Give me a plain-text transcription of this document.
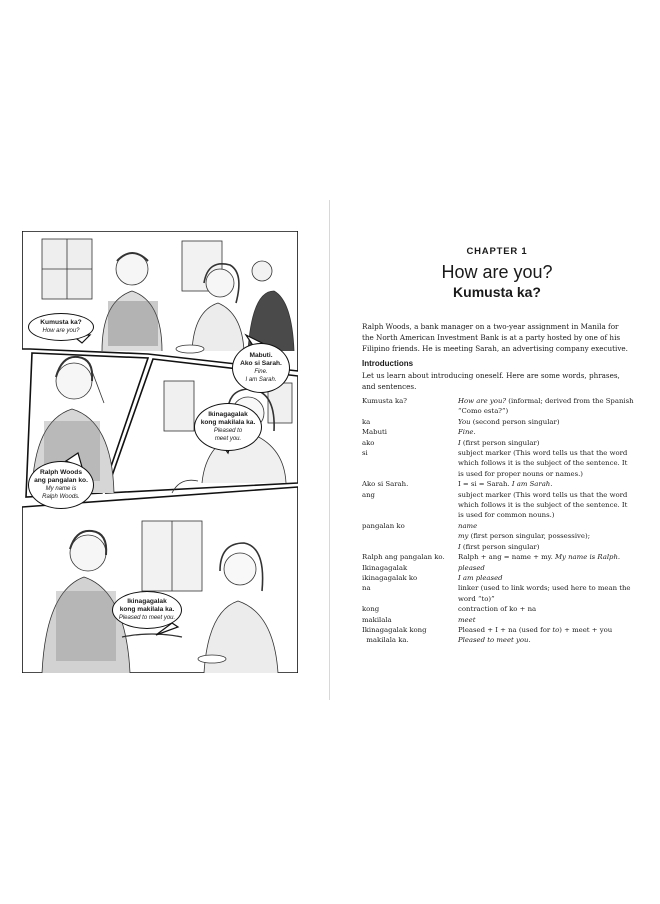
Kumusta ka?
How are you?
Mabuti.
Ako si Sarah.
Fine.
I am Sarah.
Ikinagagalak
kong makilala ka.
Pleased to
meet you.
Ralph Woods
ang pangalan ko.
My name is
Ralph Woods.
Ikinagagalak
kong makilala ka.
Pleased to meet you.
CHAPTER 1
How are you?
Kumusta ka?
Ralph Woods, a bank manager on a two-year assignment in Manila for the North American Investment Bank is at a party hosted by one of his Filipino friends. He is meeting Sarah, an advertising company executive.
Introductions
Let us learn about introducing oneself. Here are some words, phrases, and sentences.
Kumusta ka?	How are you? (informal; derived from the Spanish “Como esta?”)
ka	You (second person singular)
Mabuti	Fine.
ako	I (first person singular)
si	subject marker (This word tells us that the word which follows it is the subject of the sentence. It is used for proper nouns or names.)
Ako si Sarah.	I = si = Sarah. I am Sarah.
ang	subject marker (This word tells us that the word which follows it is the subject of the sentence. It is used for common nouns.)
pangalan ko	name
my (first person singular, possessive);
I (first person singular)
Ralph ang pangalan ko.	Ralph + ang = name + my. My name is Ralph.
Ikinagagalak	pleased
ikinagagalak ko	I am pleased
na	linker (used to link words; used here to mean the word “to)”
kong	contraction of ko + na
makilala	meet
Ikinagagalak kong
makilala ka.	Pleased + I + na (used for to) + meet + you
Pleased to meet you.
